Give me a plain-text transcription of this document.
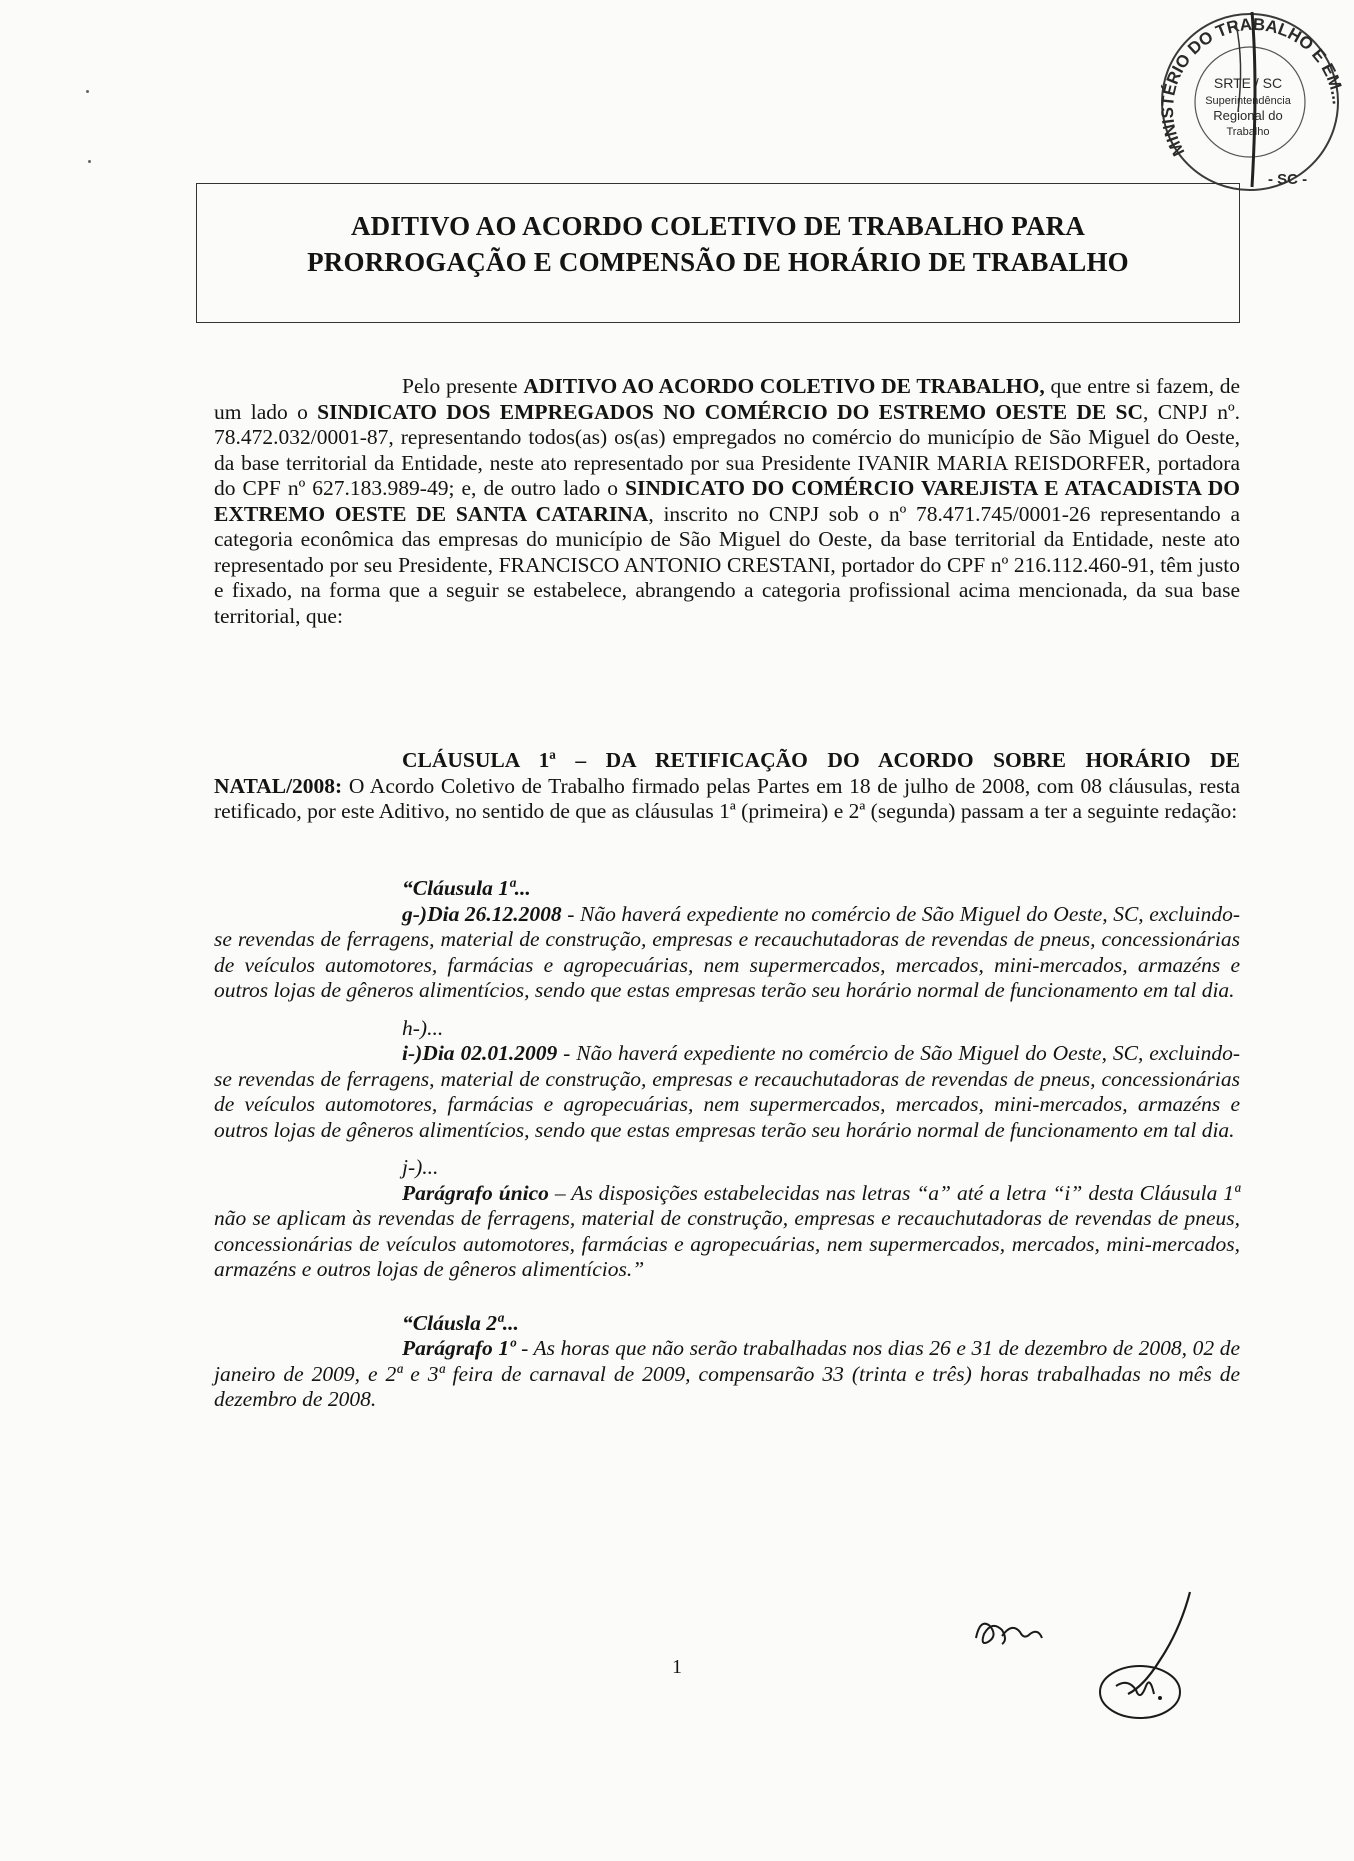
MINISTÉRIO DO TRABALHO E EM...
- SC -
SRTE / SC
Superintendência
Regional do
Trabalho
ADITIVO AO ACORDO COLETIVO DE TRABALHO PARA
PRORROGAÇÃO E COMPENSÃO DE HORÁRIO DE TRABALHO

Pelo presente ADITIVO AO ACORDO COLETIVO DE TRABALHO, que entre si fazem, de um lado o SINDICATO DOS EMPREGADOS NO COMÉRCIO DO ESTREMO OESTE DE SC, CNPJ nº. 78.472.032/0001-87, representando todos(as) os(as) empregados no comércio do município de São Miguel do Oeste, da base territorial da Entidade, neste ato representado por sua Presidente IVANIR MARIA REISDORFER, portadora do CPF nº 627.183.989-49; e, de outro lado o SINDICATO DO COMÉRCIO VAREJISTA E ATACADISTA DO EXTREMO OESTE DE SANTA CATARINA, inscrito no CNPJ sob o nº 78.471.745/0001-26 representando a categoria econômica das empresas do município de São Miguel do Oeste, da base territorial da Entidade, neste ato representado por seu Presidente, FRANCISCO ANTONIO CRESTANI, portador do CPF nº 216.112.460-91, têm justo e fixado, na forma que a seguir se estabelece, abrangendo a categoria profissional acima mencionada, da sua base territorial, que:

CLÁUSULA 1ª – DA RETIFICAÇÃO DO ACORDO SOBRE HORÁRIO DE NATAL/2008: O Acordo Coletivo de Trabalho firmado pelas Partes em 18 de julho de 2008, com 08 cláusulas, resta retificado, por este Aditivo, no sentido de que as cláusulas 1ª (primeira) e 2ª (segunda) passam a ter a seguinte redação:

“Cláusula 1ª...

g-)Dia 26.12.2008 - Não haverá expediente no comércio de São Miguel do Oeste, SC, excluindo-se revendas de ferragens, material de construção, empresas e recauchutadoras de revendas de pneus, concessionárias de veículos automotores, farmácias e agropecuárias, nem supermercados, mercados, mini-mercados, armazéns e outros lojas de gêneros alimentícios, sendo que estas empresas terão seu horário normal de funcionamento em tal dia.

h-)...

i-)Dia 02.01.2009 - Não haverá expediente no comércio de São Miguel do Oeste, SC, excluindo-se revendas de ferragens, material de construção, empresas e recauchutadoras de revendas de pneus, concessionárias de veículos automotores, farmácias e agropecuárias, nem supermercados, mercados, mini-mercados, armazéns e outros lojas de gêneros alimentícios, sendo que estas empresas terão seu horário normal de funcionamento em tal dia.

j-)...

Parágrafo único – As disposições estabelecidas nas letras “a” até a letra “i” desta Cláusula 1ª não se aplicam às revendas de ferragens, material de construção, empresas e recauchutadoras de revendas de pneus, concessionárias de veículos automotores, farmácias e agropecuárias, nem supermercados, mercados, mini-mercados, armazéns e outros lojas de gêneros alimentícios.”

“Cláusla 2ª...

Parágrafo 1º - As horas que não serão trabalhadas nos dias 26 e 31 de dezembro de 2008, 02 de janeiro de 2009, e 2ª e 3ª feira de carnaval de 2009, compensarão 33 (trinta e três) horas trabalhadas no mês de dezembro de 2008.

1
